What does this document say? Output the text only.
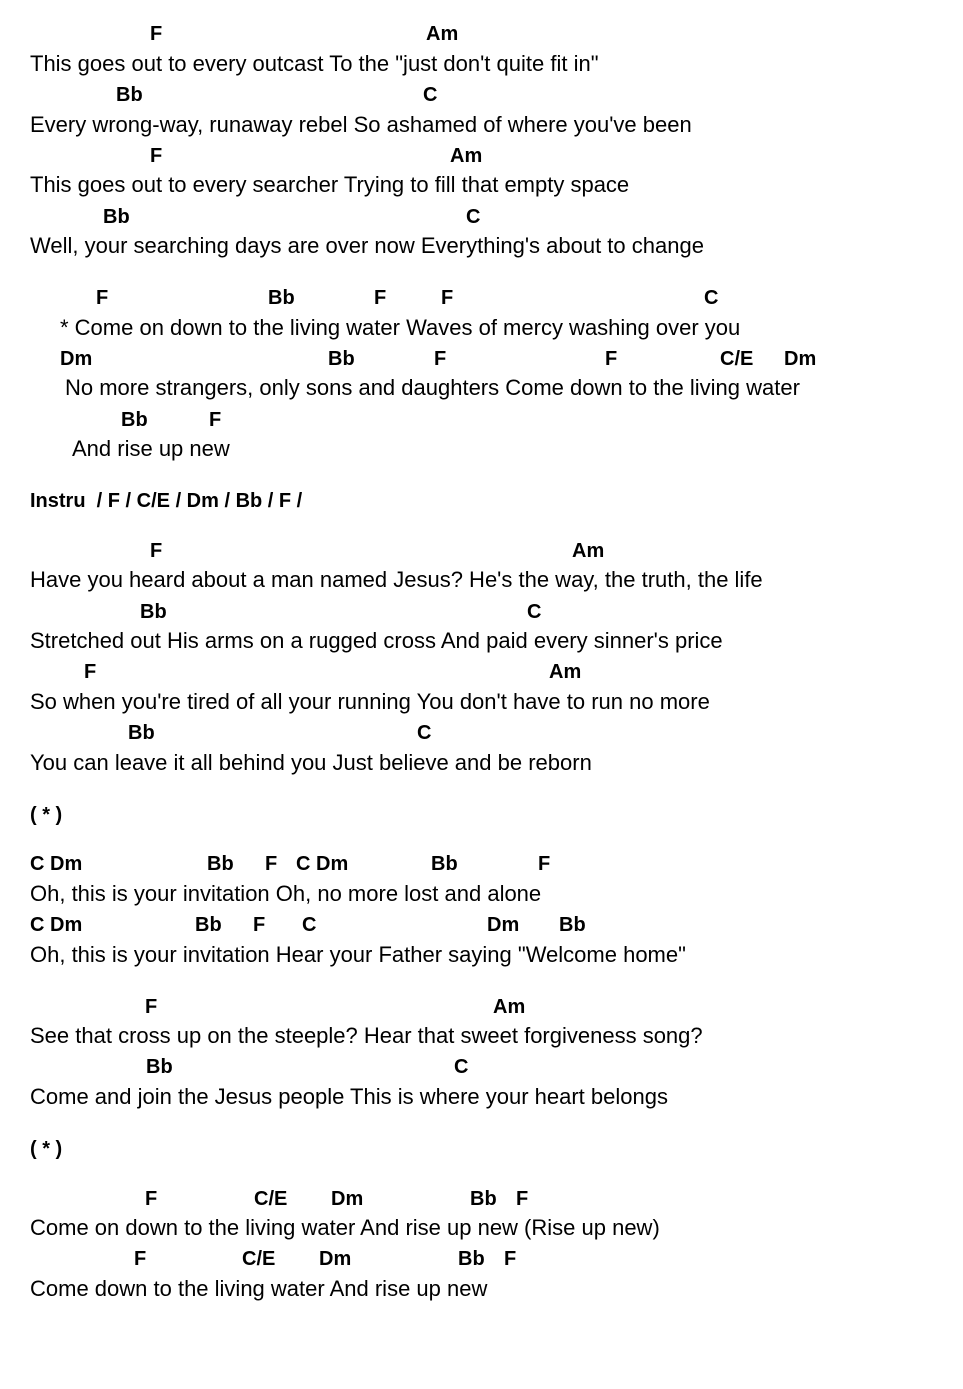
F	Am
This goes out to every outcast To the "just don't quite fit in"
Bb	C
Every wrong-way, runaway rebel So ashamed of where you've been
F	Am
This goes out to every searcher Trying to fill that empty space
Bb	C
Well, your searching days are over now Everything's about to change
F	Bb	F	F	C
* Come on down to the living water Waves of mercy washing over you
Dm	Bb	F	F	C/E Dm
No more strangers, only sons and daughters Come down to the living water
Bb	F
And rise up new
Instru  / F / C/E / Dm / Bb / F /
F	Am
Have you heard about a man named Jesus? He's the way, the truth, the life
Bb	C
Stretched out His arms on a rugged cross And paid every sinner's price
F	Am
So when you're tired of all your running You don't have to run no more
Bb	C
You can leave it all behind you Just believe and be reborn
( * )
C Dm	Bb F C Dm	Bb	F
Oh, this is your invitation Oh, no more lost and alone
C Dm	Bb F C	Dm Bb
Oh, this is your invitation Hear your Father saying "Welcome home"
F	Am
See that cross up on the steeple? Hear that sweet forgiveness song?
Bb	C
Come and join the Jesus people This is where your heart belongs
( * )
F	C/E Dm	Bb F
Come on down to the living water And rise up new (Rise up new)
F	C/E Dm	Bb F
Come down to the living water And rise up new
